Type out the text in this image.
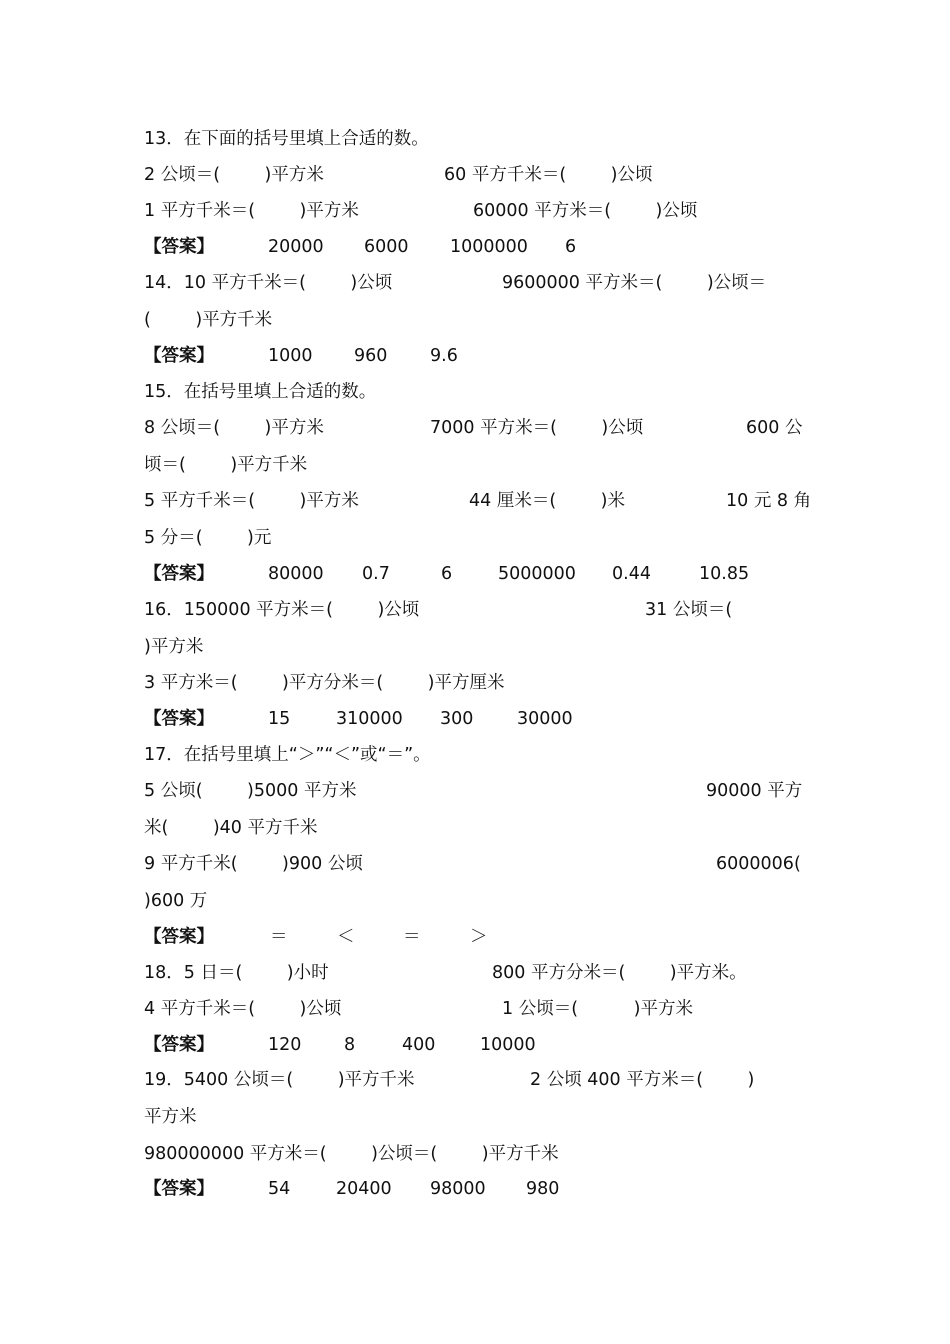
13．在下面的括号里填上合适的数。
2 公顷＝(        )平方米	60 平方千米＝(        )公顷
1 平方千米＝(        )平方米	60000 平方米＝(        )公顷
【答案】	20000 6000 1000000 6
14．10 平方千米＝(        )公顷	9600000 平方米＝(        )公顷＝
(        )平方千米
【答案】	1000 960 9.6
15．在括号里填上合适的数。
8 公顷＝(        )平方米	7000 平方米＝(        )公顷	600 公
顷＝(        )平方千米
5 平方千米＝(        )平方米	44 厘米＝(        )米	10 元 8 角
5 分＝(        )元
【答案】	80000 0.7	6	5000000 0.44	10.85
16．150000 平方米＝(        )公顷	31 公顷＝(
)平方米
3 平方米＝(        )平方分米＝(        )平方厘米
【答案】	15	310000 300 30000
17．在括号里填上“＞”“＜”或“＝”。
5 公顷(        )5000 平方米	90000 平方
米(        )40 平方千米
9 平方千米(        )900 公顷	6000006(
)600 万
【答案】	＝	＜	＝	＞
18．5 日＝(        )小时	800 平方分米＝(        )平方米。
4 平方千米＝(        )公顷	1 公顷＝(          )平方米
【答案】	120 8	400	10000
19．5400 公顷＝(        )平方千米	2 公顷 400 平方米＝(        )
平方米
980000000 平方米＝(        )公顷＝(        )平方千米
【答案】	54	20400 98000 980
